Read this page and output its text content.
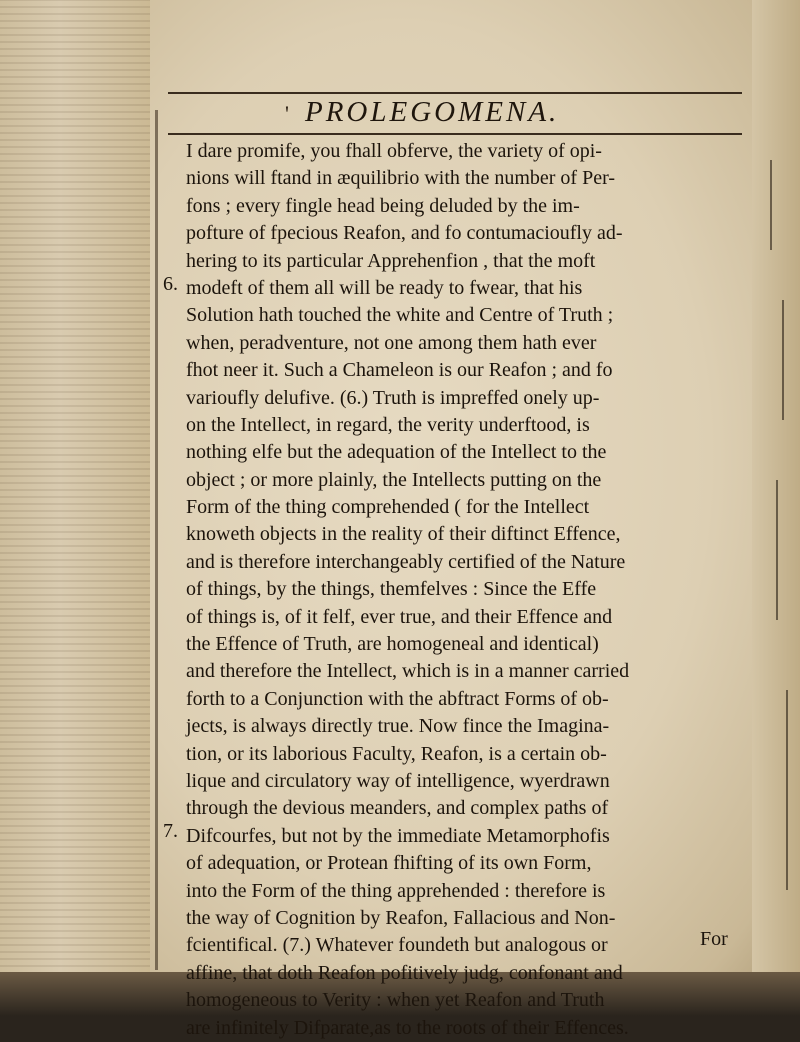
' PROLEGOMENA.
6.
7.
I dare promife, you fhall obferve, the variety of opi-
nions will ftand in æquilibrio with the number of Per-
fons ; every fingle head being deluded by the im-
pofture of fpecious Reafon, and fo contumacioufly ad-
hering to its particular Apprehenfion , that the moft
modeft of them all will be ready to fwear, that his
Solution hath touched the white and Centre of Truth ;
when, peradventure, not one among them hath ever
fhot neer it. Such a Chameleon is our Reafon ; and fo
varioufly delufive. (6.) Truth is impreffed onely up-
on the Intellect, in regard, the verity underftood, is
nothing elfe but the adequation of the Intellect to the
object ; or more plainly, the Intellects putting on the
Form of the thing comprehended ( for the Intellect
knoweth objects in the reality of their diftinct Effence,
and is therefore interchangeably certified of the Nature
of things, by the things, themfelves : Since the Effe
of things is, of it felf, ever true, and their Effence and
the Effence of Truth, are homogeneal and identical)
and therefore the Intellect, which is in a manner carried
forth to a Conjunction with the abftract Forms of ob-
jects, is always directly true. Now fince the Imagina-
tion, or its laborious Faculty, Reafon, is a certain ob-
lique and circulatory way of intelligence, wyerdrawn
through the devious meanders, and complex paths of
Difcourfes, but not by the immediate Metamorphofis
of adequation, or Protean fhifting of its own Form,
into the Form of the thing apprehended : therefore is
the way of Cognition by Reafon, Fallacious and Non-
fcientifical. (7.) Whatever foundeth but analogous or
affine, that doth Reafon pofitively judg, confonant and
homogeneous to Verity : when yet Reafon and Truth
are infinitely Difparate,as to the roots of their Effences.
For
